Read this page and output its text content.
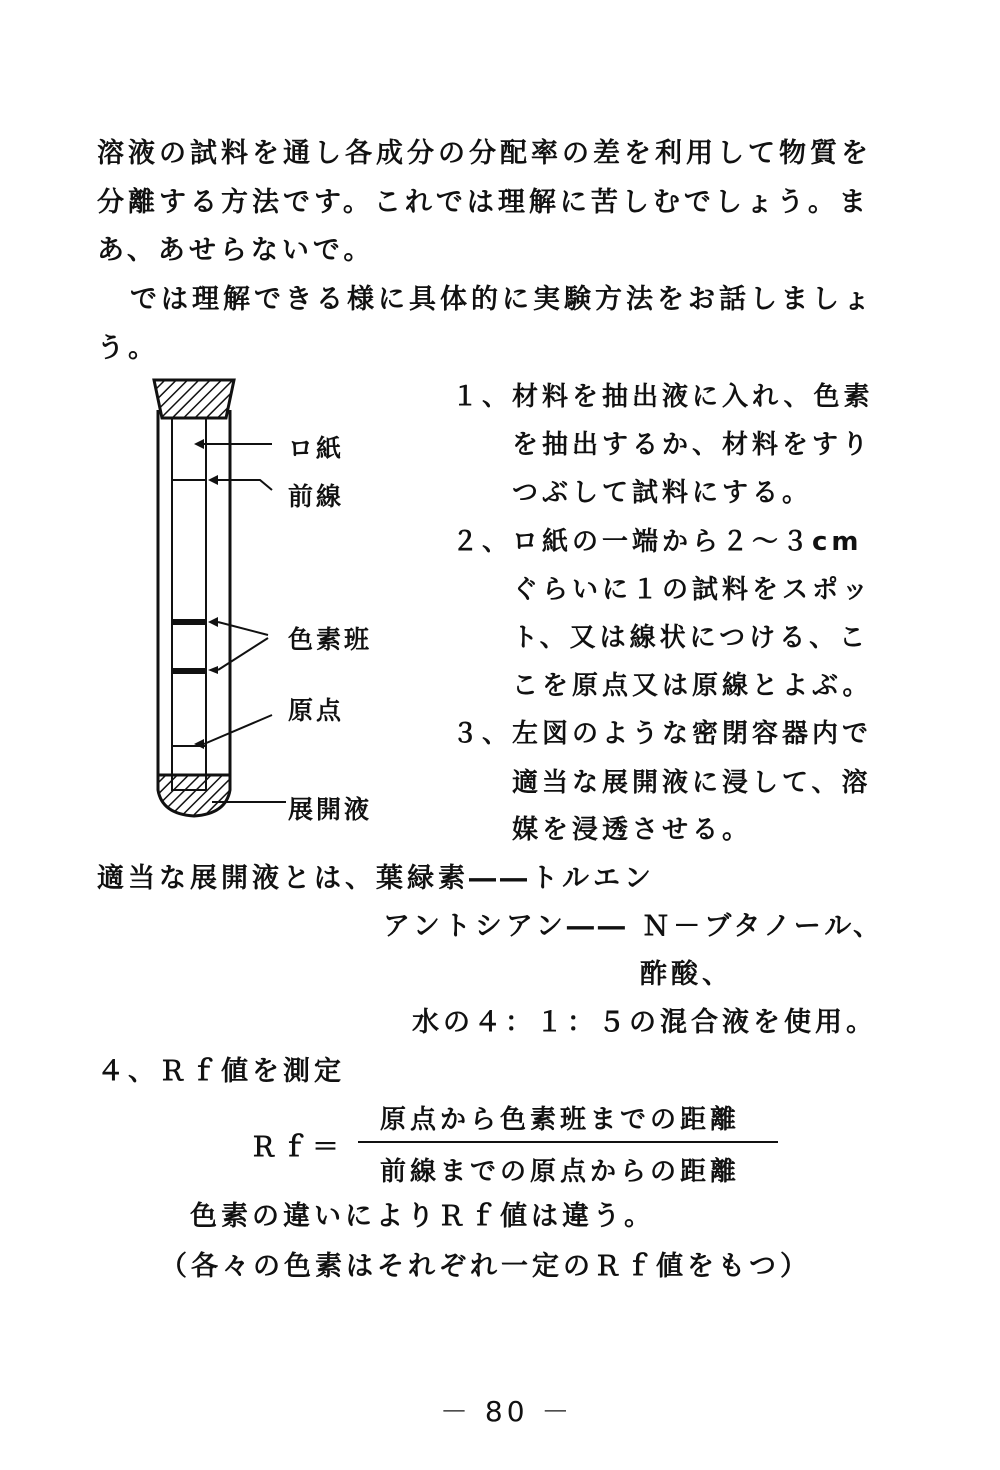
溶液の試料を通し各成分の分配率の差を利用して物質を
分離する方法です。これでは理解に苦しむでしょう。ま
あ、あせらないで。
では理解できる様に具体的に実験方法をお話しましょ
う。
ロ紙
前線
色素班
原点
展開液
１、材料を抽出液に入れ、色素
を抽出するか、材料をすり
つぶして試料にする。
２、ロ紙の一端から２～３cm
ぐらいに１の試料をスポッ
ト、又は線状につける、こ
こを原点又は原線とよぶ。
３、左図のような密閉容器内で
適当な展開液に浸して、溶
媒を浸透させる。
適当な展開液とは、葉緑素――トルエン
アントシアン―― Ｎ－ブタノール、
酢酸、
水の４：１：５の混合液を使用。
４、Ｒｆ値を測定
Ｒｆ＝
原点から色素班までの距離
前線までの原点からの距離
色素の違いによりＲｆ値は違う。
（各々の色素はそれぞれ一定のＲｆ値をもつ）
－ 80 －
